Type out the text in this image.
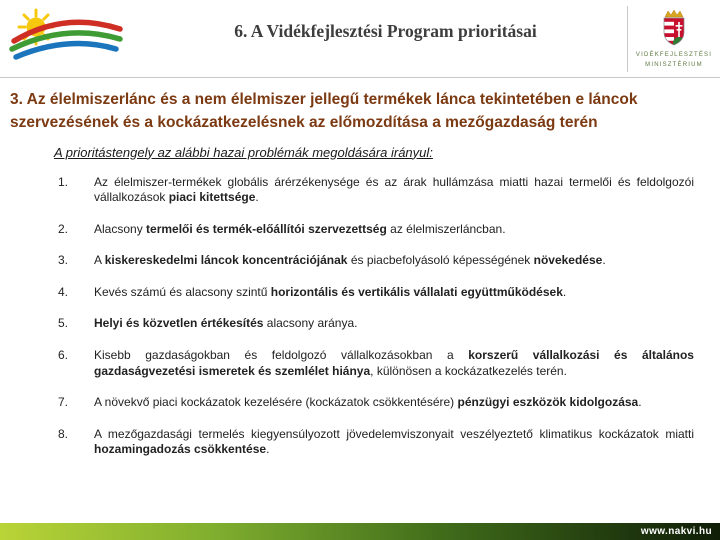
6. A Vidékfejlesztési Program prioritásai
VIDÉKFEJLESZTÉSI
MINISZTÉRIUM
3. Az élelmiszerlánc és a nem élelmiszer jellegű termékek lánca tekintetében e láncok szervezésének és a kockázatkezelésnek az előmozdítása a mezőgazdaság terén

A prioritástengely az alábbi hazai problémák megoldására irányul:

1.	Az élelmiszer-termékek globális árérzékenysége és az árak hullámzása miatti hazai termelői és feldolgozói vállalkozások piaci kitettsége.
2.	Alacsony termelői és termék-előállítói szervezettség az élelmiszerláncban.
3.	A kiskereskedelmi láncok koncentrációjának és piacbefolyásoló képességének növekedése.
4.	Kevés számú és alacsony szintű horizontális és vertikális vállalati együttműködések.
5.	Helyi és közvetlen értékesítés alacsony aránya.
6.	Kisebb gazdaságokban és feldolgozó vállalkozásokban a korszerű vállalkozási és általános gazdaságvezetési ismeretek és szemlélet hiánya, különösen a kockázatkezelés terén.
7.	A növekvő piaci kockázatok kezelésére (kockázatok csökkentésére) pénzügyi eszközök kidolgozása.
8.	A mezőgazdasági termelés kiegyensúlyozott jövedelemviszonyait veszélyeztető klimatikus kockázatok miatti hozamingadozás csökkentése.
www.nakvi.hu
